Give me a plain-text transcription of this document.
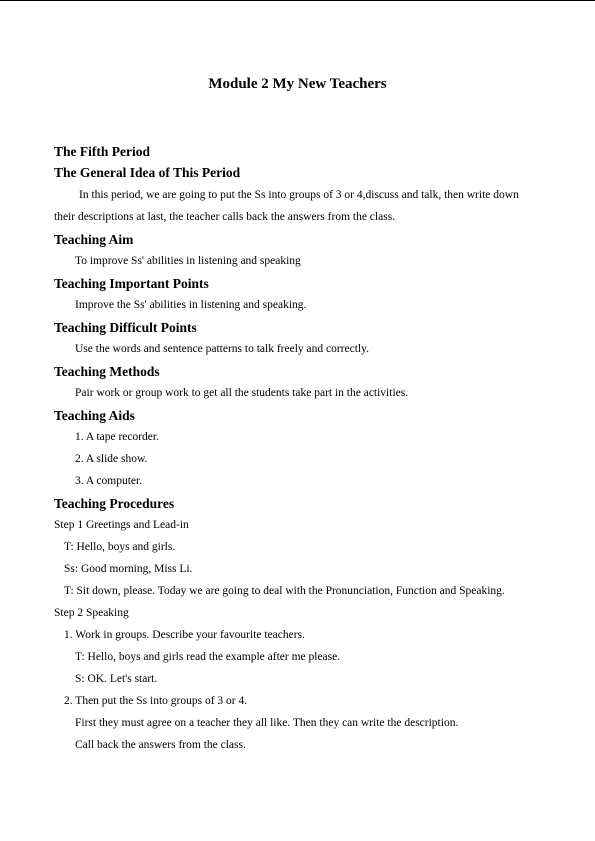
Module 2 My New Teachers
The Fifth Period
The General Idea of This Period
In this period, we are going to put the Ss into groups of 3 or 4,discuss and talk, then write down
their descriptions at last, the teacher calls back the answers from the class.
Teaching Aim
To improve Ss' abilities in listening and speaking
Teaching Important Points
Improve the Ss' abilities in listening and speaking.
Teaching Difficult Points
Use the words and sentence patterns to talk freely and correctly.
Teaching Methods
Pair work or group work to get all the students take part in the activities.
Teaching Aids
1. A tape recorder.
2. A slide show.
3. A computer.
Teaching Procedures
Step 1 Greetings and Lead-in
T: Hello, boys and girls.
Ss: Good morning, Miss Li.
T: Sit down, please. Today we are going to deal with the Pronunciation, Function and Speaking.
Step 2 Speaking
1. Work in groups. Describe your favourite teachers.
T: Hello, boys and girls read the example after me please.
S: OK. Let's start.
2. Then put the Ss into groups of 3 or 4.
First they must agree on a teacher they all like. Then they can write the description.
Call back the answers from the class.
